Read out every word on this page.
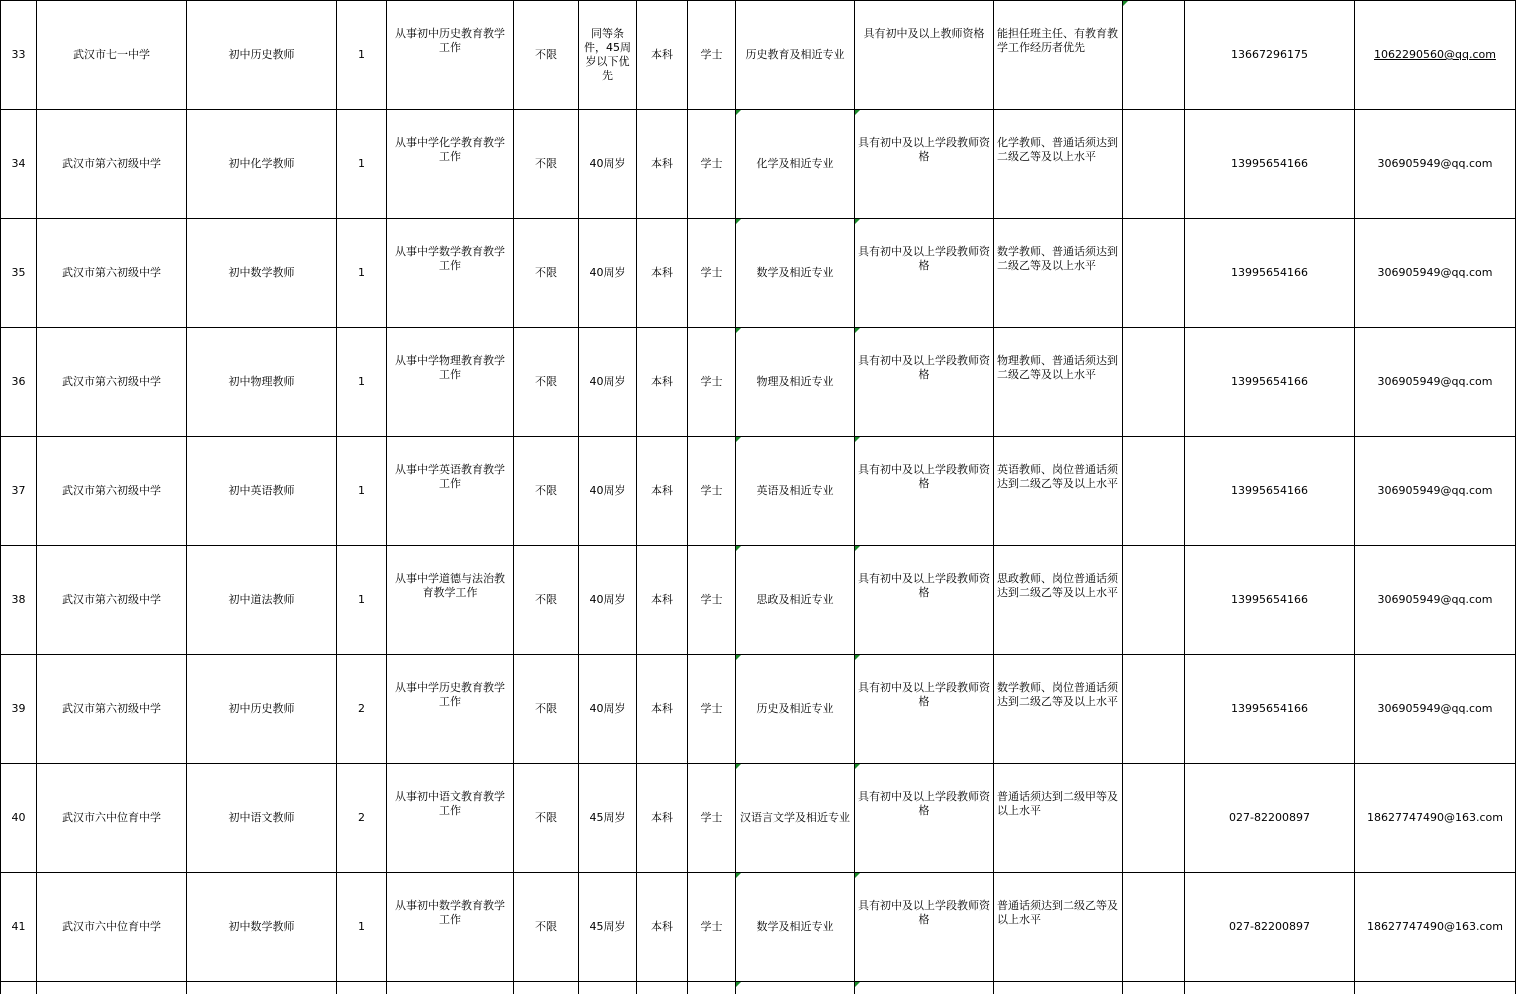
33	武汉市七一中学	初中历史教师	1	从事初中历史教育教学工作	不限	同等条件，45周岁以下优先	本科	学士	历史教育及相近专业	具有初中及以上教师资格	能担任班主任、有教育教学工作经历者优先		13667296175	1062290560@qq.com
34	武汉市第六初级中学	初中化学教师	1	从事中学化学教育教学工作	不限	40周岁	本科	学士	化学及相近专业	具有初中及以上学段教师资格	化学教师、普通话须达到二级乙等及以上水平		13995654166	306905949@qq.com
35	武汉市第六初级中学	初中数学教师	1	从事中学数学教育教学工作	不限	40周岁	本科	学士	数学及相近专业	具有初中及以上学段教师资格	数学教师、普通话须达到二级乙等及以上水平		13995654166	306905949@qq.com
36	武汉市第六初级中学	初中物理教师	1	从事中学物理教育教学工作	不限	40周岁	本科	学士	物理及相近专业	具有初中及以上学段教师资格	物理教师、普通话须达到二级乙等及以上水平		13995654166	306905949@qq.com
37	武汉市第六初级中学	初中英语教师	1	从事中学英语教育教学工作	不限	40周岁	本科	学士	英语及相近专业	具有初中及以上学段教师资格	英语教师、岗位普通话须达到二级乙等及以上水平		13995654166	306905949@qq.com
38	武汉市第六初级中学	初中道法教师	1	从事中学道德与法治教育教学工作	不限	40周岁	本科	学士	思政及相近专业	具有初中及以上学段教师资格	思政教师、岗位普通话须达到二级乙等及以上水平		13995654166	306905949@qq.com
39	武汉市第六初级中学	初中历史教师	2	从事中学历史教育教学工作	不限	40周岁	本科	学士	历史及相近专业	具有初中及以上学段教师资格	数学教师、岗位普通话须达到二级乙等及以上水平		13995654166	306905949@qq.com
40	武汉市六中位育中学	初中语文教师	2	从事初中语文教育教学工作	不限	45周岁	本科	学士	汉语言文学及相近专业	具有初中及以上学段教师资格	普通话须达到二级甲等及以上水平		027-82200897	18627747490@163.com
41	武汉市六中位育中学	初中数学教师	1	从事初中数学教育教学工作	不限	45周岁	本科	学士	数学及相近专业	具有初中及以上学段教师资格	普通话须达到二级乙等及以上水平		027-82200897	18627747490@163.com
